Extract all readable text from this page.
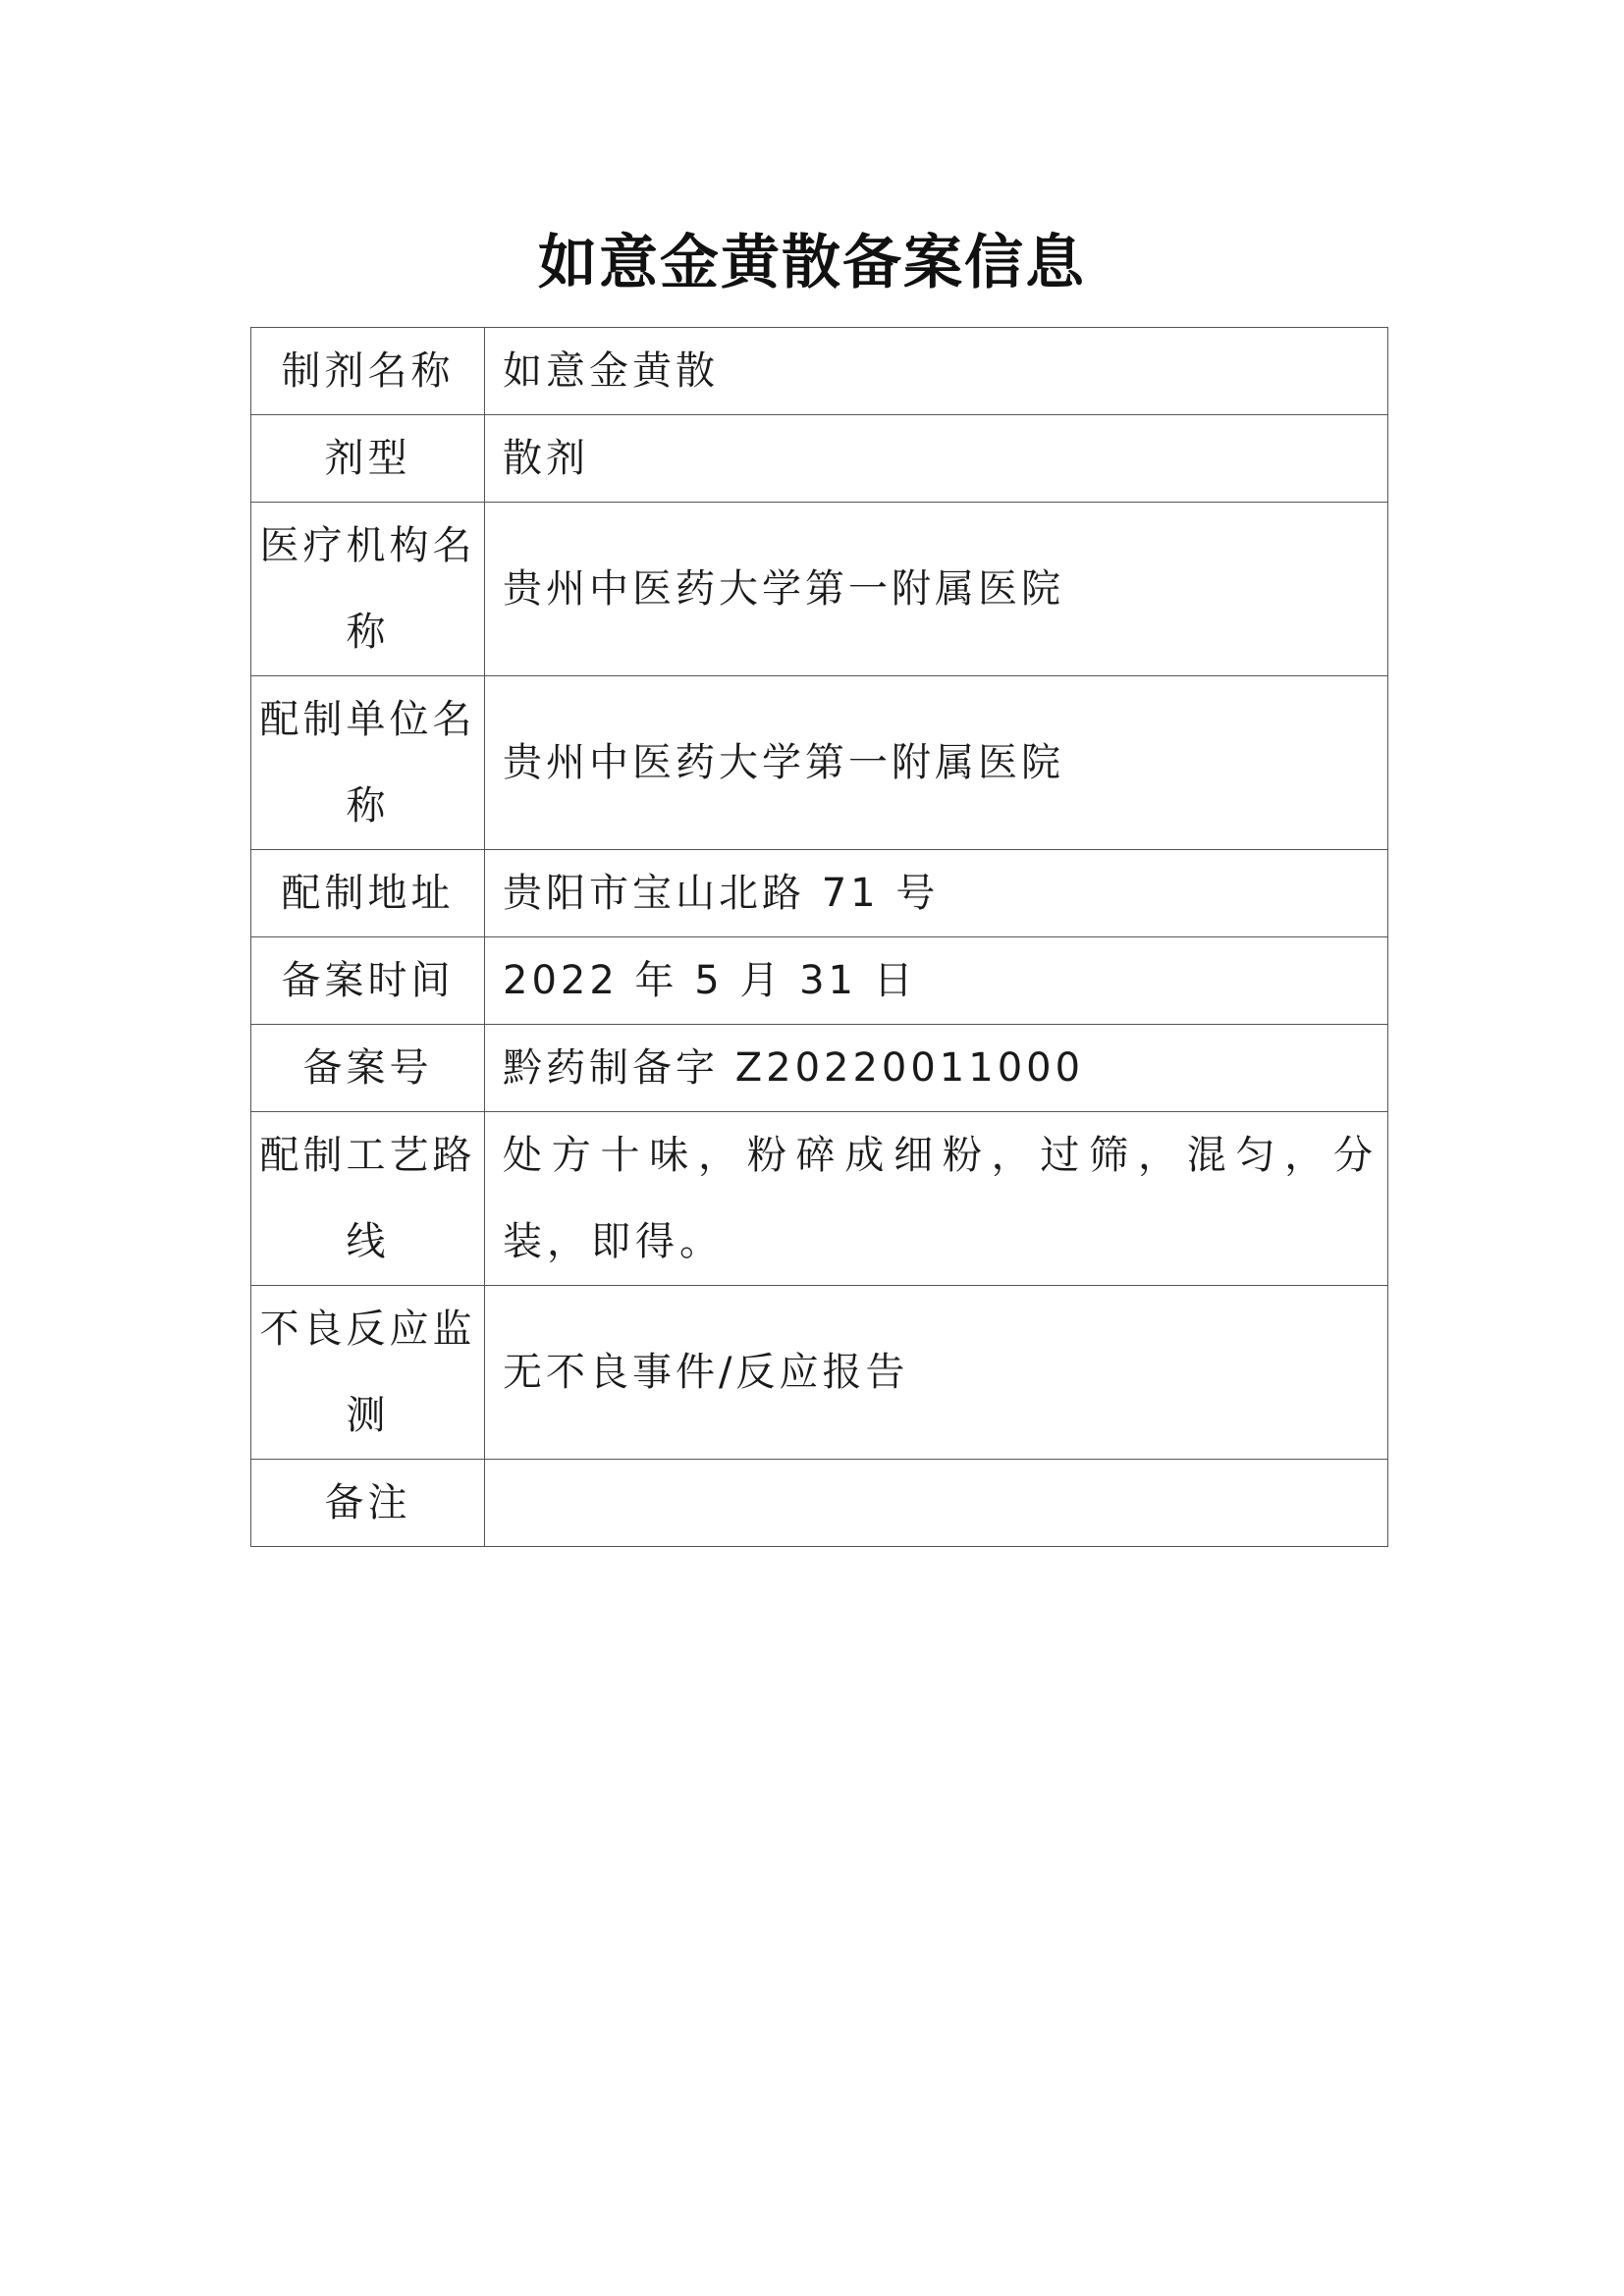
如意金黄散备案信息
制剂名称	如意金黄散
剂型	散剂
医疗机构名称	贵州中医药大学第一附属医院
配制单位名称	贵州中医药大学第一附属医院
配制地址	贵阳市宝山北路 71 号
备案时间	2022 年 5 月 31 日
备案号	黔药制备字 Z20220011000
配制工艺路线	处方十味，粉碎成细粉，过筛，混匀，分装，即得。
不良反应监测	无不良事件/反应报告
备注	
